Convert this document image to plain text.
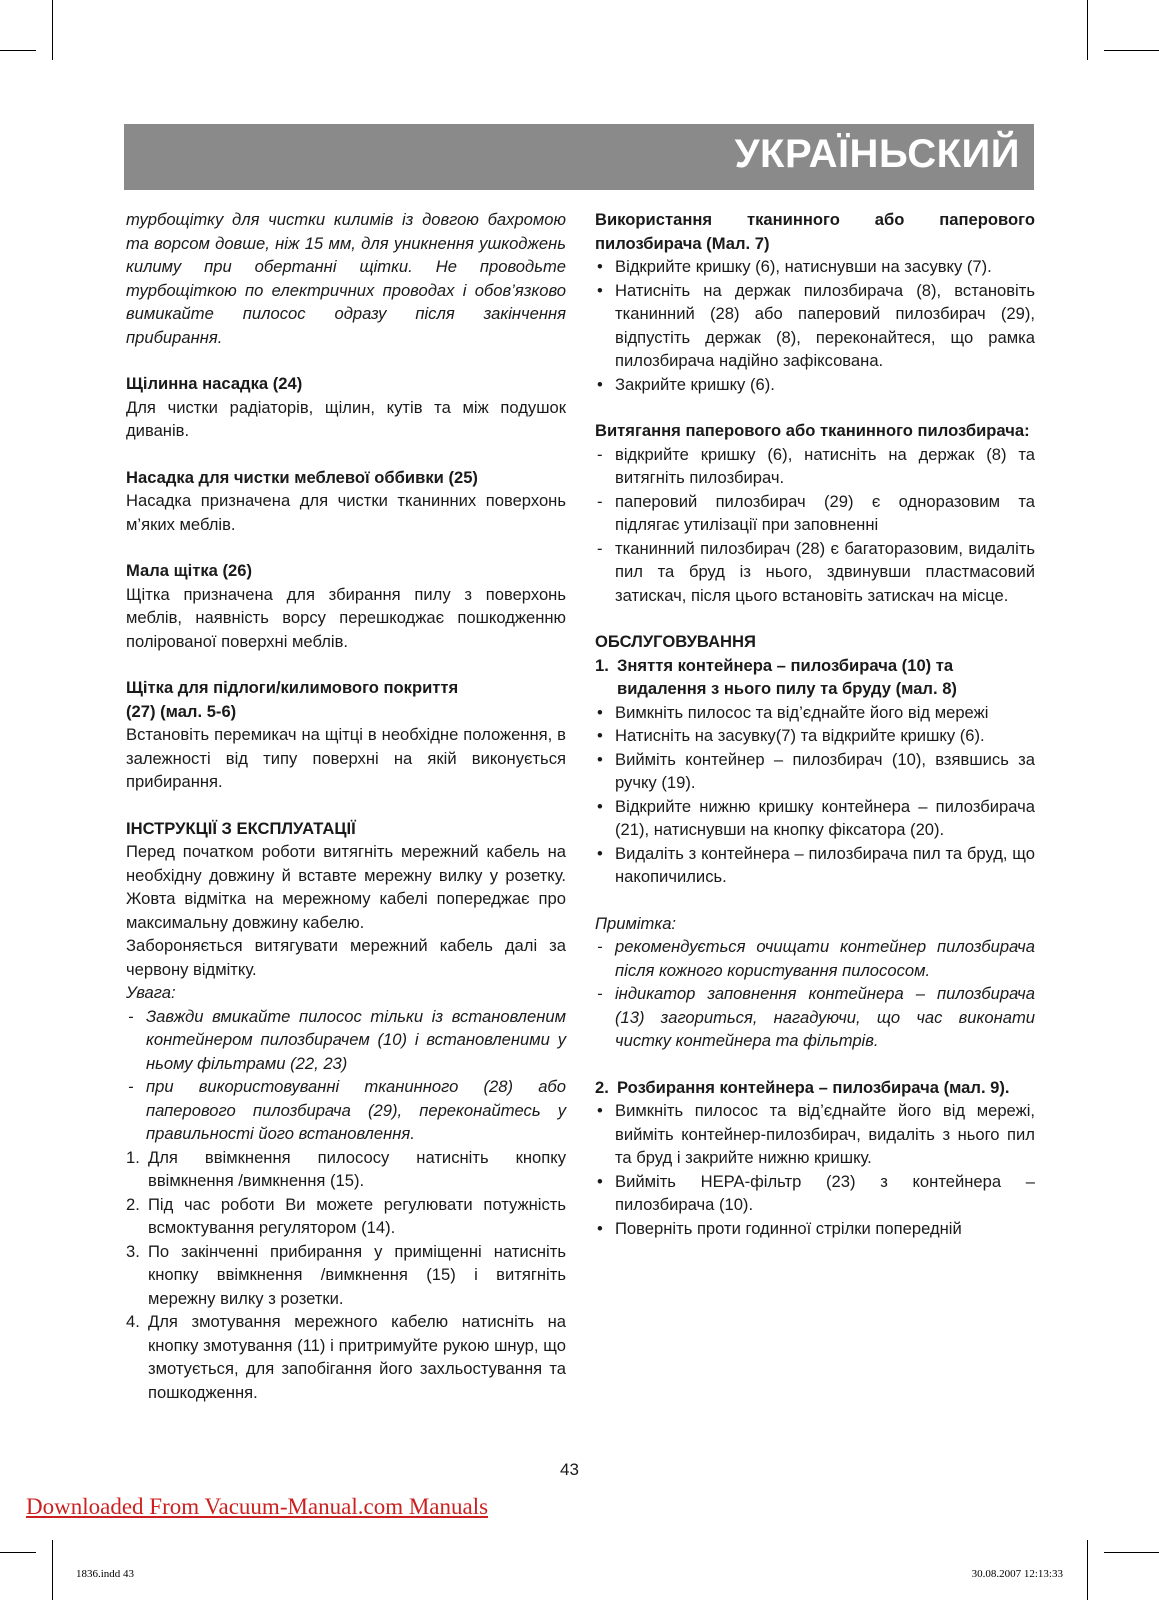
УКРАЇНЬСКИЙ

турбощітку для чистки килимів із довгою бахромою та ворсом довше, ніж 15 мм, для уникнення ушкоджень килиму при обертанні щітки. Не проводьте турбощіткою по електричних проводах і обов’язково вимикайте пилосос одразу після закінчення прибирання.

Щілинна насадка (24)

Для чистки радіаторів, щілин, кутів та між подушок диванів.

Насадка для чистки меблевої оббивки (25)

Насадка призначена для чистки тканинних поверхонь м’яких меблів.

Мала щітка (26)

Щітка призначена для збирання пилу з поверхонь меблів, наявність ворсу перешкоджає пошкодженню полірованої поверхні меблів.

Щітка для підлоги/килимового покриття

(27) (мал. 5-6)

Встановіть перемикач на щітці в необхідне положення, в залежності від типу поверхні на якій виконується прибирання.

ІНСТРУКЦІЇ З ЕКСПЛУАТАЦІЇ

Перед початком роботи витягніть мережний кабель на необхідну довжину й вставте мережну вилку у розетку. Жовта відмітка на мережному кабелі попереджає про максимальну довжину кабелю.

Забороняється витягувати мережний кабель далі за червону відмітку.

Увага:

- Завжди вмикайте пилосос тільки із встановленим контейнером пилозбирачем (10) і встановленими у ньому фільтрами (22, 23)
- при використовуванні тканинного (28) або паперового пилозбирача (29), переконайтесь у правильності його встановлення.
1. Для ввімкнення пилососу натисніть кнопку ввімкнення /вимкнення (15).
2. Під час роботи Ви можете регулювати потужність всмоктування регулятором (14).
3. По закінченні прибирання у приміщенні натисніть кнопку ввімкнення /вимкнення (15) і витягніть мережну вилку з розетки.
4. Для змотування мережного кабелю натисніть на кнопку змотування (11) і притримуйте рукою шнур, що змотується, для запобігання його захльостування та пошкодження.

Використання тканинного або паперового пилозбирача (Мал. 7)

• Відкрийте кришку (6), натиснувши на засувку (7).
• Натисніть на держак пилозбирача (8), встановіть тканинний (28) або паперовий пилозбирач (29), відпустіть держак (8), переконайтеся, що рамка пилозбирача надійно зафіксована.
• Закрийте кришку (6).

Витягання паперового або тканинного пилозбирача:

- відкрийте кришку (6), натисніть на держак (8) та витягніть пилозбирач.
- паперовий пилозбирач (29) є одноразовим та підлягає утилізації при заповненні
- тканинний пилозбирач (28) є багаторазовим, видаліть пил та бруд із нього, здвинувши пластмасовий затискач, після цього встановіть затискач на місце.

ОБСЛУГОВУВАННЯ

1. Зняття контейнера – пилозбирача (10) та видалення з нього пилу та бруду (мал. 8)
• Вимкніть пилосос та від’єднайте його від мережі
• Натисніть на засувку(7) та відкрийте кришку (6).
• Вийміть контейнер – пилозбирач (10), взявшись за ручку (19).
• Відкрийте нижню кришку контейнера – пилозбирача (21), натиснувши на кнопку фіксатора (20).
• Видаліть з контейнера – пилозбирача пил та бруд, що накопичились.

Примітка:

- рекомендується очищати контейнер пилозбирача після кожного користування пилососом.
- індикатор заповнення контейнера – пилозбирача (13) загориться, нагадуючи, що час виконати чистку контейнера та фільтрів.
2. Розбирання контейнера – пилозбирача (мал. 9).
• Вимкніть пилосос та від’єднайте його від мережі, вийміть контейнер-пилозбирач, видаліть з нього пил та бруд і закрийте нижню кришку.
• Вийміть HEPA-фільтр (23) з контейнера – пилозбирача (10).
• Поверніть проти годинної стрілки попередній
43
Downloaded From Vacuum-Manual.com Manuals
1836.indd 43	30.08.2007 12:13:33
